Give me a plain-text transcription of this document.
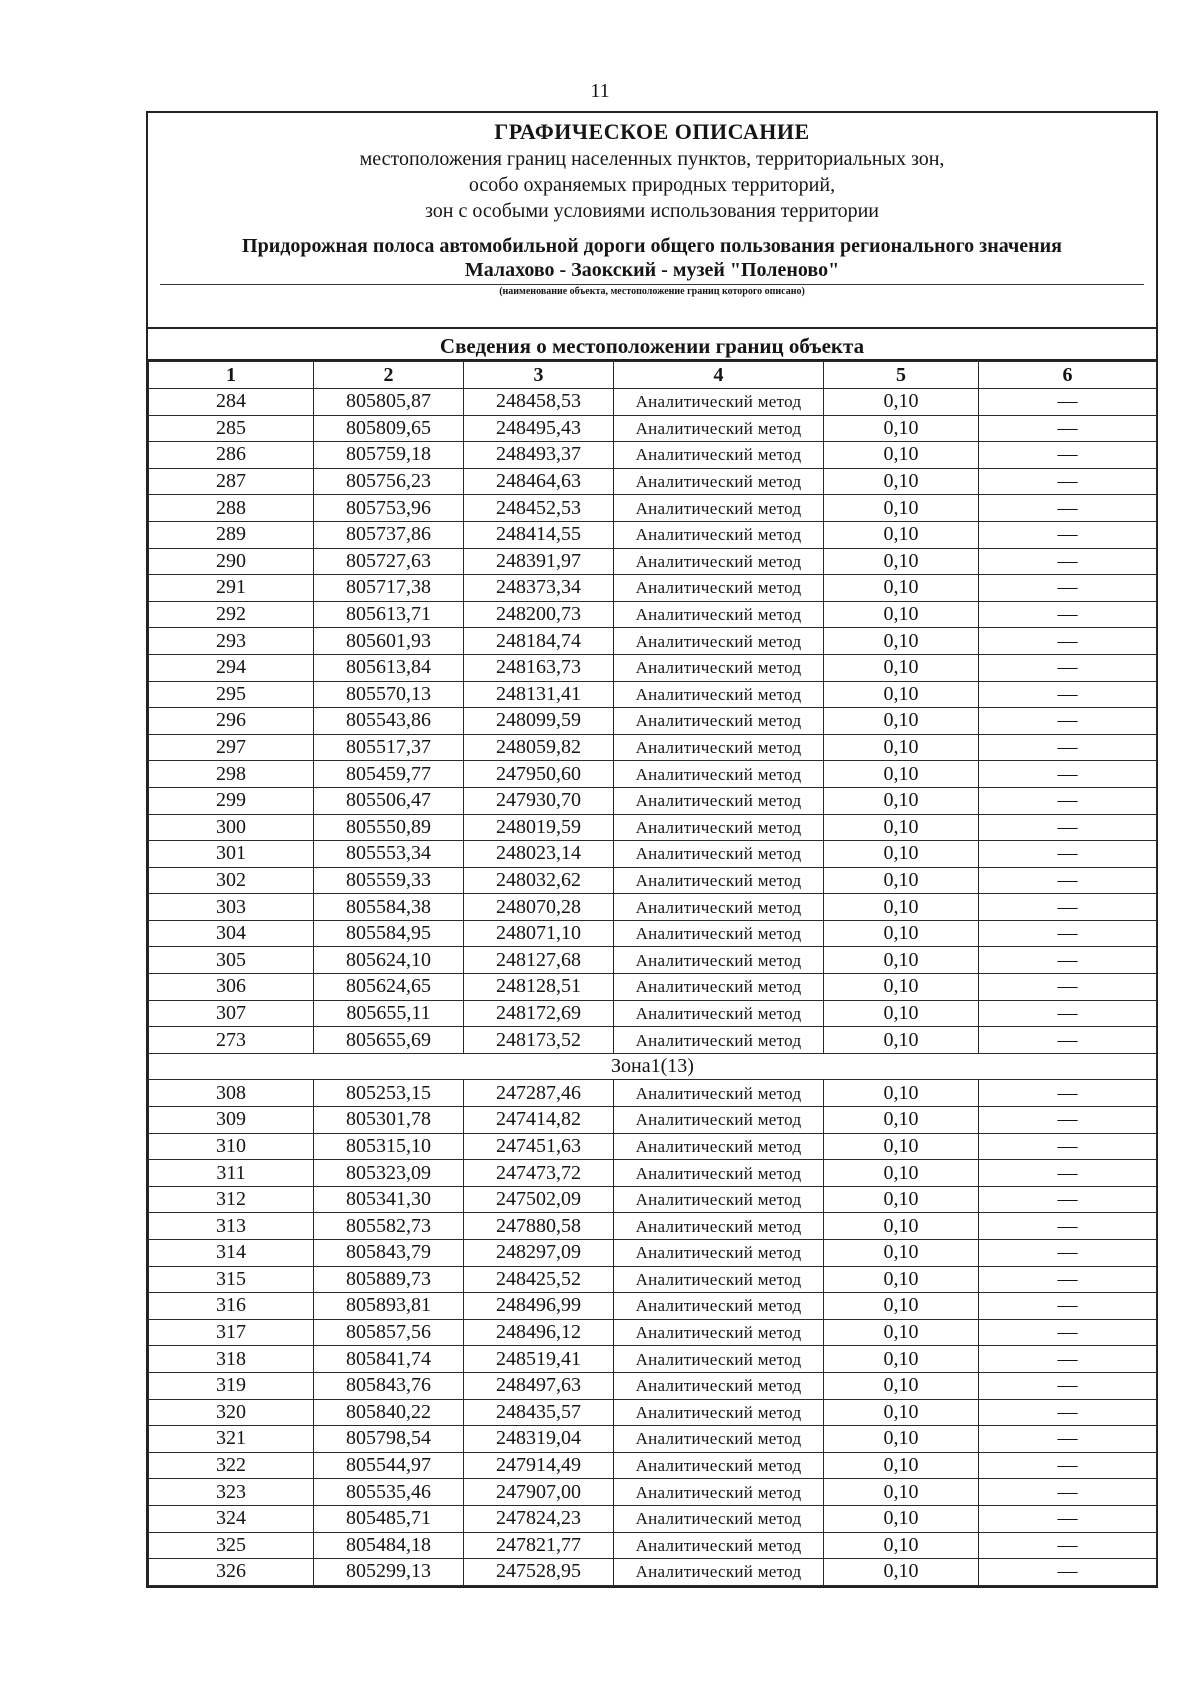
11
ГРАФИЧЕСКОЕ ОПИСАНИЕ
местоположения границ населенных пунктов, территориальных зон,
особо охраняемых природных территорий,
зон с особыми условиями использования территории
Придорожная полоса автомобильной дороги общего пользования регионального значения
Малахово - Заокский - музей "Поленово"
(наименование объекта, местоположение границ которого описано)
Сведения о местоположении границ объекта
1	2	3	4	5	6
284	805805,87	248458,53	Аналитический метод	0,10	—
285	805809,65	248495,43	Аналитический метод	0,10	—
286	805759,18	248493,37	Аналитический метод	0,10	—
287	805756,23	248464,63	Аналитический метод	0,10	—
288	805753,96	248452,53	Аналитический метод	0,10	—
289	805737,86	248414,55	Аналитический метод	0,10	—
290	805727,63	248391,97	Аналитический метод	0,10	—
291	805717,38	248373,34	Аналитический метод	0,10	—
292	805613,71	248200,73	Аналитический метод	0,10	—
293	805601,93	248184,74	Аналитический метод	0,10	—
294	805613,84	248163,73	Аналитический метод	0,10	—
295	805570,13	248131,41	Аналитический метод	0,10	—
296	805543,86	248099,59	Аналитический метод	0,10	—
297	805517,37	248059,82	Аналитический метод	0,10	—
298	805459,77	247950,60	Аналитический метод	0,10	—
299	805506,47	247930,70	Аналитический метод	0,10	—
300	805550,89	248019,59	Аналитический метод	0,10	—
301	805553,34	248023,14	Аналитический метод	0,10	—
302	805559,33	248032,62	Аналитический метод	0,10	—
303	805584,38	248070,28	Аналитический метод	0,10	—
304	805584,95	248071,10	Аналитический метод	0,10	—
305	805624,10	248127,68	Аналитический метод	0,10	—
306	805624,65	248128,51	Аналитический метод	0,10	—
307	805655,11	248172,69	Аналитический метод	0,10	—
273	805655,69	248173,52	Аналитический метод	0,10	—
Зона1(13)					
308	805253,15	247287,46	Аналитический метод	0,10	—
309	805301,78	247414,82	Аналитический метод	0,10	—
310	805315,10	247451,63	Аналитический метод	0,10	—
311	805323,09	247473,72	Аналитический метод	0,10	—
312	805341,30	247502,09	Аналитический метод	0,10	—
313	805582,73	247880,58	Аналитический метод	0,10	—
314	805843,79	248297,09	Аналитический метод	0,10	—
315	805889,73	248425,52	Аналитический метод	0,10	—
316	805893,81	248496,99	Аналитический метод	0,10	—
317	805857,56	248496,12	Аналитический метод	0,10	—
318	805841,74	248519,41	Аналитический метод	0,10	—
319	805843,76	248497,63	Аналитический метод	0,10	—
320	805840,22	248435,57	Аналитический метод	0,10	—
321	805798,54	248319,04	Аналитический метод	0,10	—
322	805544,97	247914,49	Аналитический метод	0,10	—
323	805535,46	247907,00	Аналитический метод	0,10	—
324	805485,71	247824,23	Аналитический метод	0,10	—
325	805484,18	247821,77	Аналитический метод	0,10	—
326	805299,13	247528,95	Аналитический метод	0,10	—
